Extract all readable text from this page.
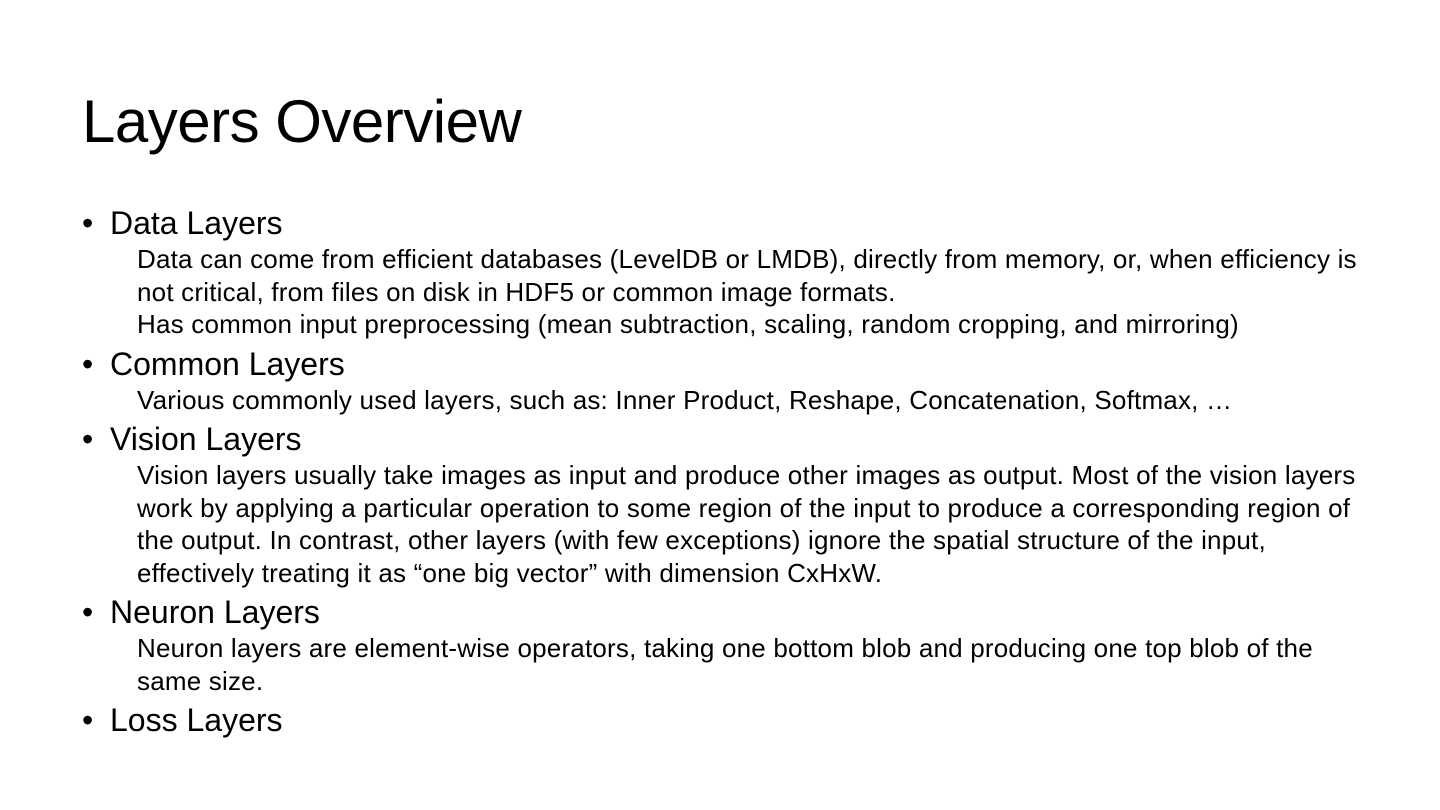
Layers Overview
• Data Layers

Data can come from efficient databases (LevelDB or LMDB), directly from memory, or, when efficiency is not critical, from files on disk in HDF5 or common image formats.

Has common input preprocessing (mean subtraction, scaling, random cropping, and mirroring)

• Common Layers

Various commonly used layers, such as: Inner Product, Reshape, Concatenation, Softmax, …

• Vision Layers

Vision layers usually take images as input and produce other images as output. Most of the vision layers work by applying a particular operation to some region of the input to produce a corresponding region of the output. In contrast, other layers (with few exceptions) ignore the spatial structure of the input, effectively treating it as “one big vector” with dimension CxHxW.

• Neuron Layers

Neuron layers are element-wise operators, taking one bottom blob and producing one top blob of the same size.

• Loss Layers
